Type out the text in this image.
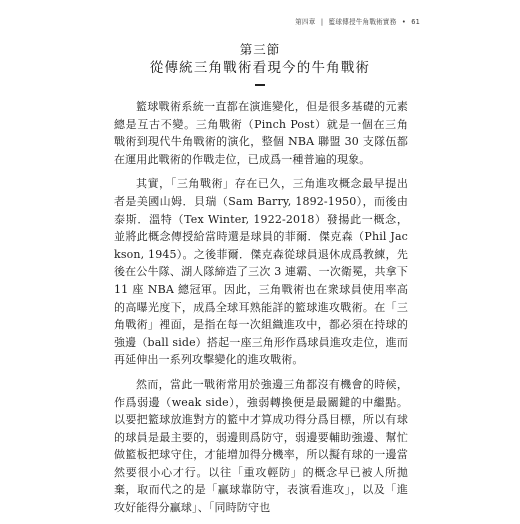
第四章 | 籃球傳授牛角戰術實務 • 61
第三節
從傳統三角戰術看現今的牛角戰術

籃球戰術系統一直都在演進變化，但是很多基礎的元素總是互古不變。三角戰術（Pinch Post）就是一個在三角戰術到現代牛角戰術的演化，整個 NBA 聯盟 30 支隊伍都在運用此戰術的作戰走位，已成爲一種普遍的現象。

其實，「三角戰術」存在已久，三角進攻概念最早提出者是美國山姆．貝瑞（Sam Barry, 1892-1950），而後由泰斯．溫特（Tex Winter, 1922-2018）發揚此一概念，並將此概念傳授給當時還是球員的菲爾．傑克森（Phil Jackson, 1945）。之後菲爾．傑克森從球員退休成爲教練，先後在公牛隊、湖人隊締造了三次 3 連霸、一次衛冕，共拿下 11 座 NBA 總冠軍。因此，三角戰術也在衆球員使用率高的高曝光度下，成爲全球耳熟能詳的籃球進攻戰術。在「三角戰術」裡面，是指在每一次組織進攻中，都必須在持球的強邊（ball side）搭起一座三角形作爲球員進攻走位，進而再延伸出一系列攻擊變化的進攻戰術。

然而，當此一戰術常用於強邊三角都沒有機會的時候，作爲弱邊（weak side），強弱轉換便是最關鍵的中繼點。以要把籃球放進對方的籃中才算成功得分爲目標，所以有球的球員是最主要的，弱邊則爲防守，弱邊要輔助強邊、幫忙做籃板把球守住，才能增加得分機率，所以擬有球的一邊當然要很小心才行。以往「重攻輕防」的概念早已被人所拋棄，取而代之的是「贏球靠防守，表演看進攻」，以及「進攻好能得分贏球」、「同時防守也
